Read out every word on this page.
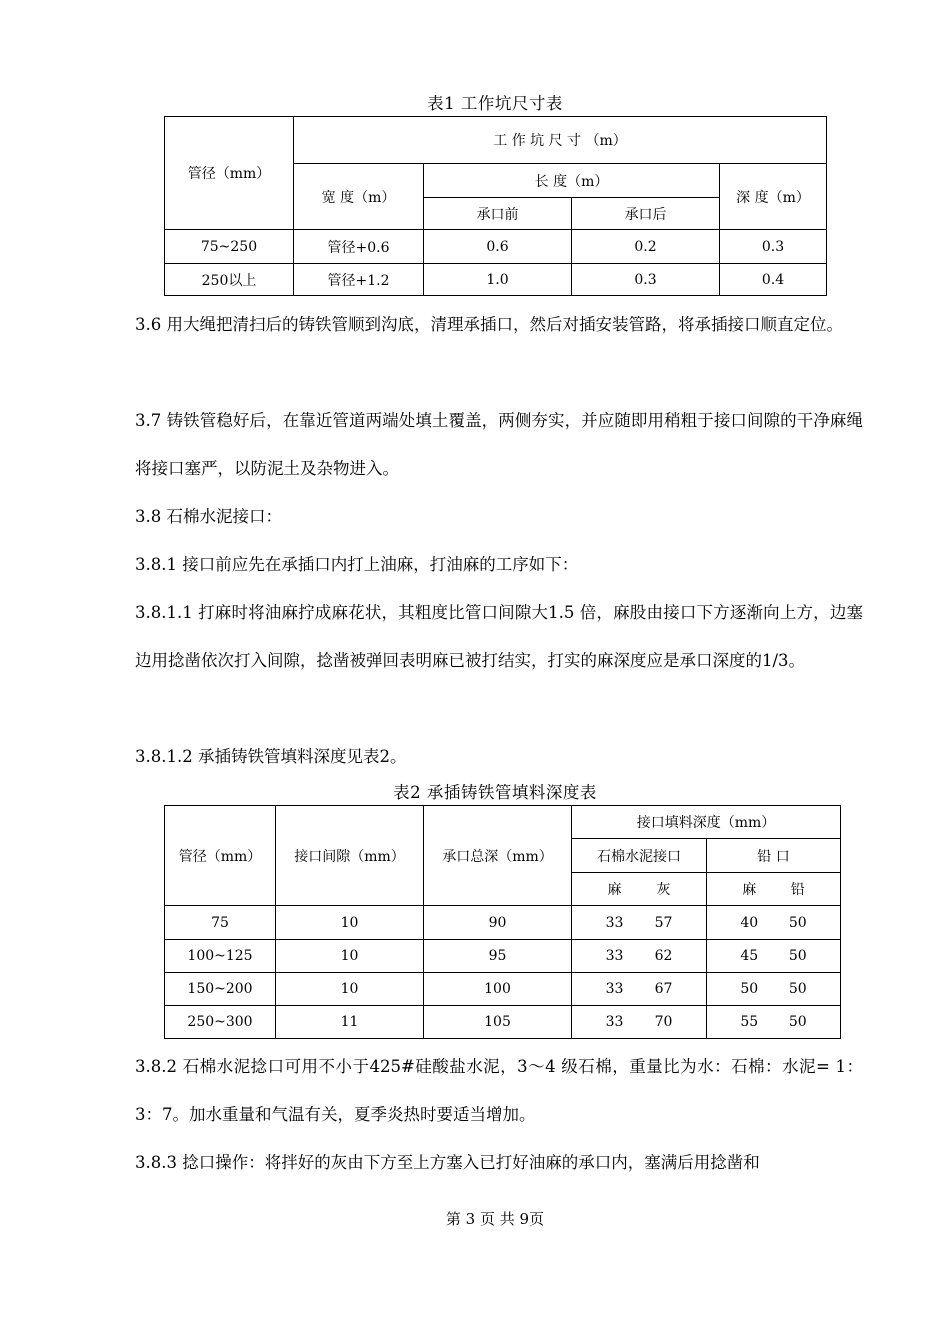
表1 工作坑尺寸表
管径（mm）	工 作 坑 尺 寸 （m）			
	宽 度（m）	长 度（m）		深 度（m）
		承口前	承口后	
75~250	管径+0.6	0.6	0.2	0.3
250以上	管径+1.2	1.0	0.3	0.4
3.6 用大绳把清扫后的铸铁管顺到沟底，清理承插口，然后对插安装管路，将承插接口顺直定位。
3.7 铸铁管稳好后，在靠近管道两端处填土覆盖，两侧夯实，并应随即用稍粗于接口间隙的干净麻绳将接口塞严，以防泥土及杂物进入。
3.8 石棉水泥接口：
3.8.1 接口前应先在承插口内打上油麻，打油麻的工序如下：
3.8.1.1 打麻时将油麻拧成麻花状，其粗度比管口间隙大1.5 倍，麻股由接口下方逐渐向上方，边塞边用捻凿依次打入间隙，捻凿被弹回表明麻已被打结实，打实的麻深度应是承口深度的1/3。
3.8.1.2 承插铸铁管填料深度见表2。
表2 承插铸铁管填料深度表
管径（mm）	接口间隙（mm）	承口总深（mm）	接口填料深度（mm）	
			石棉水泥接口	铅 口

			麻 灰	麻 铅

75	10	90	33 57	40 50

100~125	10	95	33 62	45 50

150~200	10	100	33 67	50 50

250~300	11	105	33 70	55 50
3.8.2 石棉水泥捻口可用不小于425#硅酸盐水泥，3～4 级石棉，重量比为水：石棉：水泥= 1：3：7。加水重量和气温有关，夏季炎热时要适当增加。
3.8.3 捻口操作：将拌好的灰由下方至上方塞入已打好油麻的承口内，塞满后用捻凿和
第 3 页 共 9页
